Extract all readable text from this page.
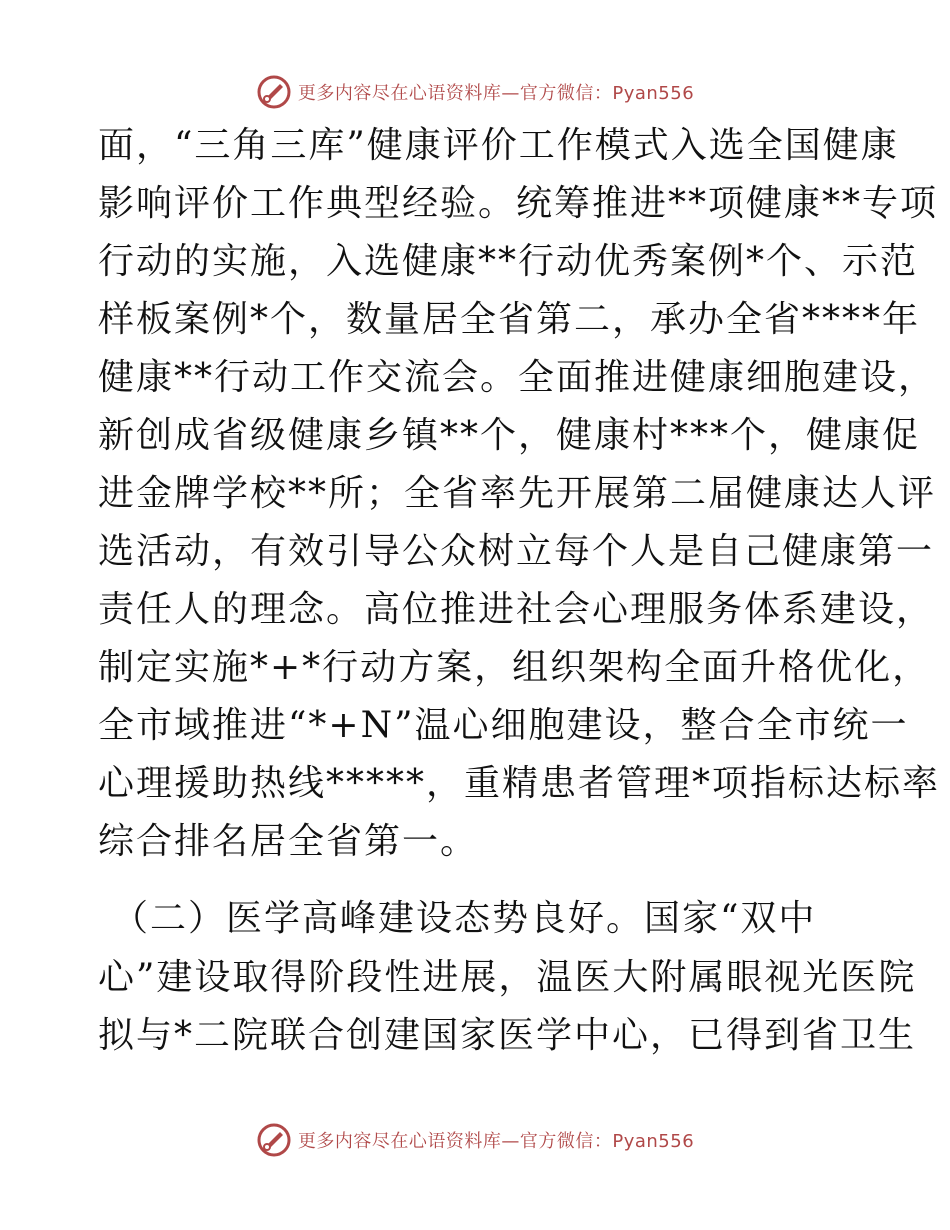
更多内容尽在心语资料库—官方微信：Pyan556
面，“三角三库”健康评价工作模式入选全国健康
影响评价工作典型经验。统筹推进**项健康**专项
行动的实施，入选健康**行动优秀案例*个、示范
样板案例*个，数量居全省第二，承办全省****年
健康**行动工作交流会。全面推进健康细胞建设，
新创成省级健康乡镇**个，健康村***个，健康促
进金牌学校**所；全省率先开展第二届健康达人评
选活动，有效引导公众树立每个人是自己健康第一
责任人的理念。高位推进社会心理服务体系建设，
制定实施*+*行动方案，组织架构全面升格优化，
全市域推进“*+N”温心细胞建设，整合全市统一
心理援助热线*****，重精患者管理*项指标达标率
综合排名居全省第一。
（二）医学高峰建设态势良好。国家“双中
心”建设取得阶段性进展，温医大附属眼视光医院
拟与*二院联合创建国家医学中心，已得到省卫生
更多内容尽在心语资料库—官方微信：Pyan556
